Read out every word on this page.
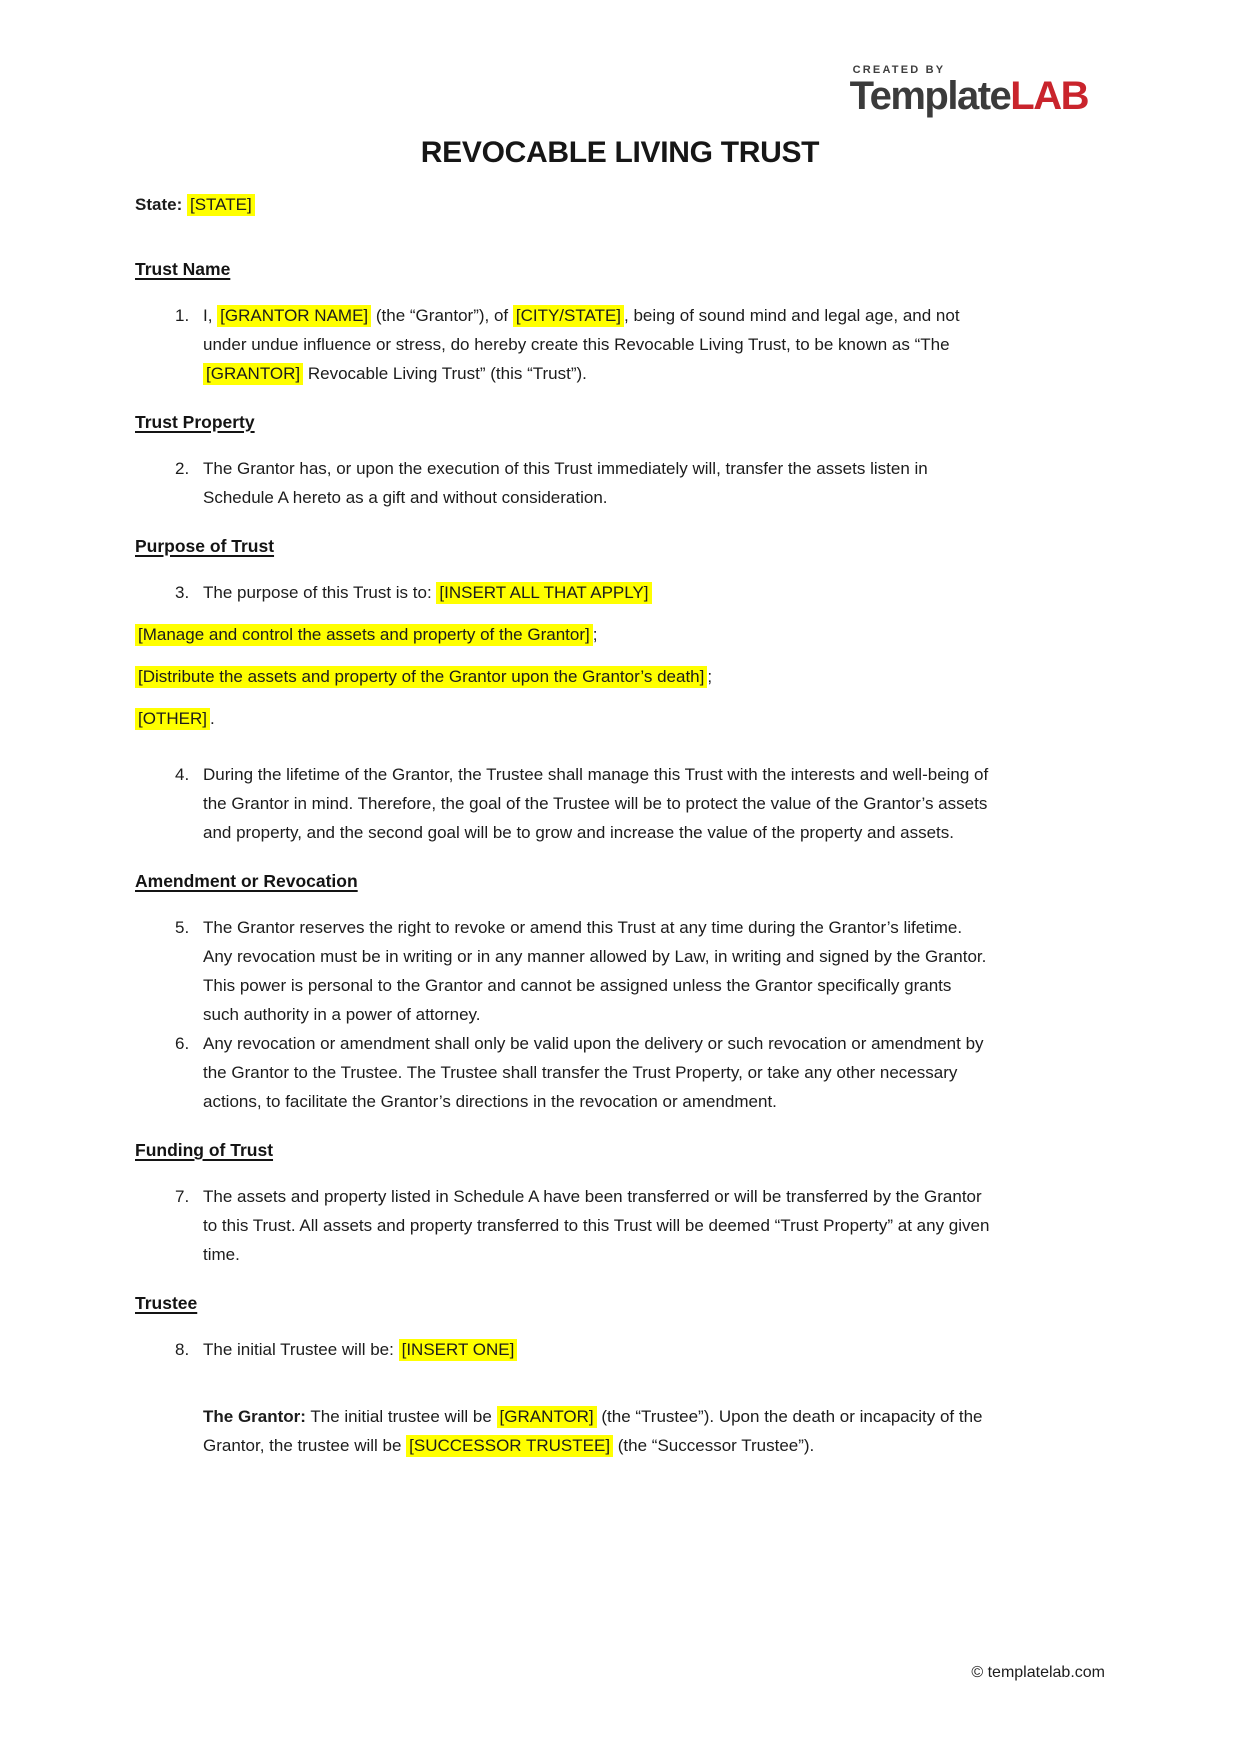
CREATED BY
TemplateLAB
REVOCABLE LIVING TRUST

State: [STATE]

Trust Name
1. I, [GRANTOR NAME] (the “Grantor”), of [CITY/STATE] , being of sound mind and legal age, and not under undue influence or stress, do hereby create this Revocable Living Trust, to be known as “The [GRANTOR] Revocable Living Trust” (this “Trust”).
Trust Property
2. The Grantor has, or upon the execution of this Trust immediately will, transfer the assets listen in Schedule A hereto as a gift and without consideration.
Purpose of Trust
3. The purpose of this Trust is to: [INSERT ALL THAT APPLY]

[Manage and control the assets and property of the Grantor] ;

[Distribute the assets and property of the Grantor upon the Grantor’s death] ;

[OTHER] .

4. During the lifetime of the Grantor, the Trustee shall manage this Trust with the interests and well-being of the Grantor in mind. Therefore, the goal of the Trustee will be to protect the value of the Grantor’s assets and property, and the second goal will be to grow and increase the value of the property and assets.
Amendment or Revocation
5. The Grantor reserves the right to revoke or amend this Trust at any time during the Grantor’s lifetime. Any revocation must be in writing or in any manner allowed by Law, in writing and signed by the Grantor. This power is personal to the Grantor and cannot be assigned unless the Grantor specifically grants such authority in a power of attorney.
6. Any revocation or amendment shall only be valid upon the delivery or such revocation or amendment by the Grantor to the Trustee. The Trustee shall transfer the Trust Property, or take any other necessary actions, to facilitate the Grantor’s directions in the revocation or amendment.
Funding of Trust
7. The assets and property listed in Schedule A have been transferred or will be transferred by the Grantor to this Trust. All assets and property transferred to this Trust will be deemed “Trust Property” at any given time.
Trustee
8. The initial Trustee will be: [INSERT ONE]
The Grantor: The initial trustee will be [GRANTOR] (the “Trustee”). Upon the death or incapacity of the Grantor, the trustee will be [SUCCESSOR TRUSTEE] (the “Successor Trustee”).
© templatelab.com
